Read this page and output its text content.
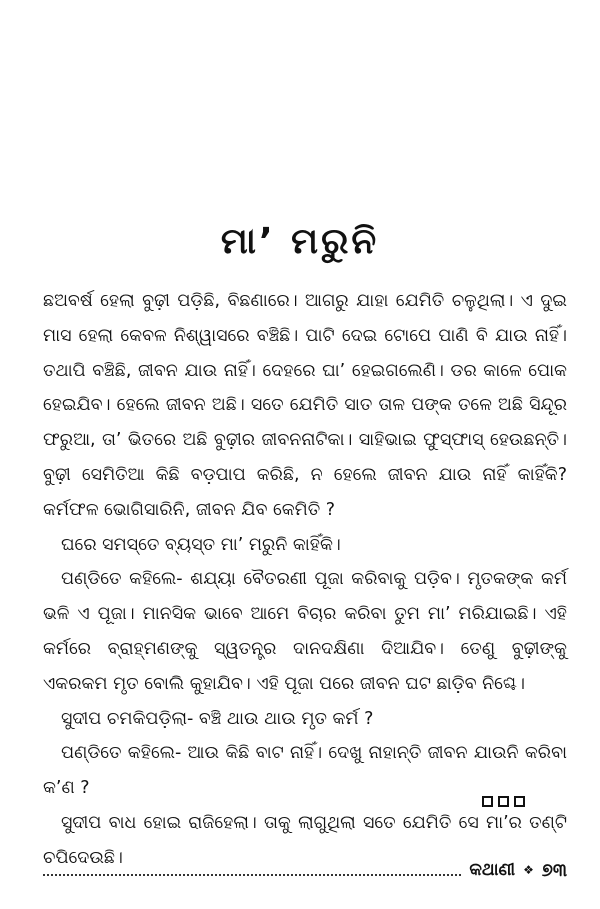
ମା’ ମରୁନି

ଛଅବର୍ଷ ହେଲା ବୁଢ଼ୀ ପଡ଼ିଛି, ବିଛଣାରେ। ଆଗରୁ ଯାହା ଯେମିତି ଚଳୁଥିଲା। ଏ ଦୁଇ ମାସ ହେଲା କେବଳ ନିଶ୍ୱାସରେ ବଞ୍ଚିଛି। ପାଟି ଦେଇ ଟୋପେ ପାଣି ବି ଯାଉ ନାହିଁ। ତଥାପି ବଞ୍ଚିଛି, ଜୀବନ ଯାଉ ନାହିଁ। ଦେହରେ ଘା’ ହେଇଗଲେଣି। ଡର କାଳେ ପୋକ ହେଇଯିବ। ହେଲେ ଜୀବନ ଅଛି। ସତେ ଯେମିତି ସାତ ତାଳ ପଙ୍କ ତଳେ ଅଛି ସିନ୍ଦୂର ଫରୁଆ, ତା’ ଭିତରେ ଅଛି ବୁଢ଼ୀର ଜୀବନନାଟିକା। ସାହିଭାଇ ଫୁସ୍‌ଫାସ୍ ହେଉଛନ୍ତି। ବୁଢ଼ୀ ସେମିତିଆ କିଛି ବଡ଼ପାପ କରିଛି, ନ ହେଲେ ଜୀବନ ଯାଉ ନାହିଁ କାହିଁକି? କର୍ମଫଳ ଭୋଗିସାରିନି, ଜୀବନ ଯିବ କେମିତି ?

ଘରେ ସମସ୍ତେ ବ୍ୟସ୍ତ ମା’ ମରୁନି କାହିଁକି।

ପଣ୍ଡିତେ କହିଲେ- ଶଯ୍ୟା ବୈତରଣୀ ପୂଜା କରିବାକୁ ପଡ଼ିବ। ମୃତକଙ୍କ କର୍ମ ଭଳି ଏ ପୂଜା। ମାନସିକ ଭାବେ ଆମେ ବିଚାର କରିବା ତୁମ ମା’ ମରିଯାଇଛି। ଏହି କର୍ମରେ ବ୍ରାହ୍ମଣଙ୍କୁ ସ୍ୱତନ୍ତ୍ର ଦାନଦକ୍ଷିଣା ଦିଆଯିବ। ତେଣୁ ବୁଢ଼ୀଙ୍କୁ ଏକରକମ ମୃତ ବୋଲି କୁହାଯିବ। ଏହି ପୂଜା ପରେ ଜୀବନ ଘଟ ଛାଡ଼ିବ ନିଶ୍ଚେ।

ସୁଦୀପ ଚମକିପଡ଼ିଲା- ବଞ୍ଚି ଥାଉ ଥାଉ ମୃତ କର୍ମ ?

ପଣ୍ଡିତେ କହିଲେ- ଆଉ କିଛି ବାଟ ନାହିଁ। ଦେଖୁ ନାହାନ୍ତି ଜୀବନ ଯାଉନି କରିବା କ’ଣ ?

ସୁଦୀପ ବାଧ ହୋଇ ରାଜିହେଲା। ତାକୁ ଲାଗୁଥିଲା ସତେ ଯେମିତି ସେ ମା’ର ତଣ୍ଟି ଚପିଦେଉଛି।

କଥାଣୀ ❖ ୭୩
